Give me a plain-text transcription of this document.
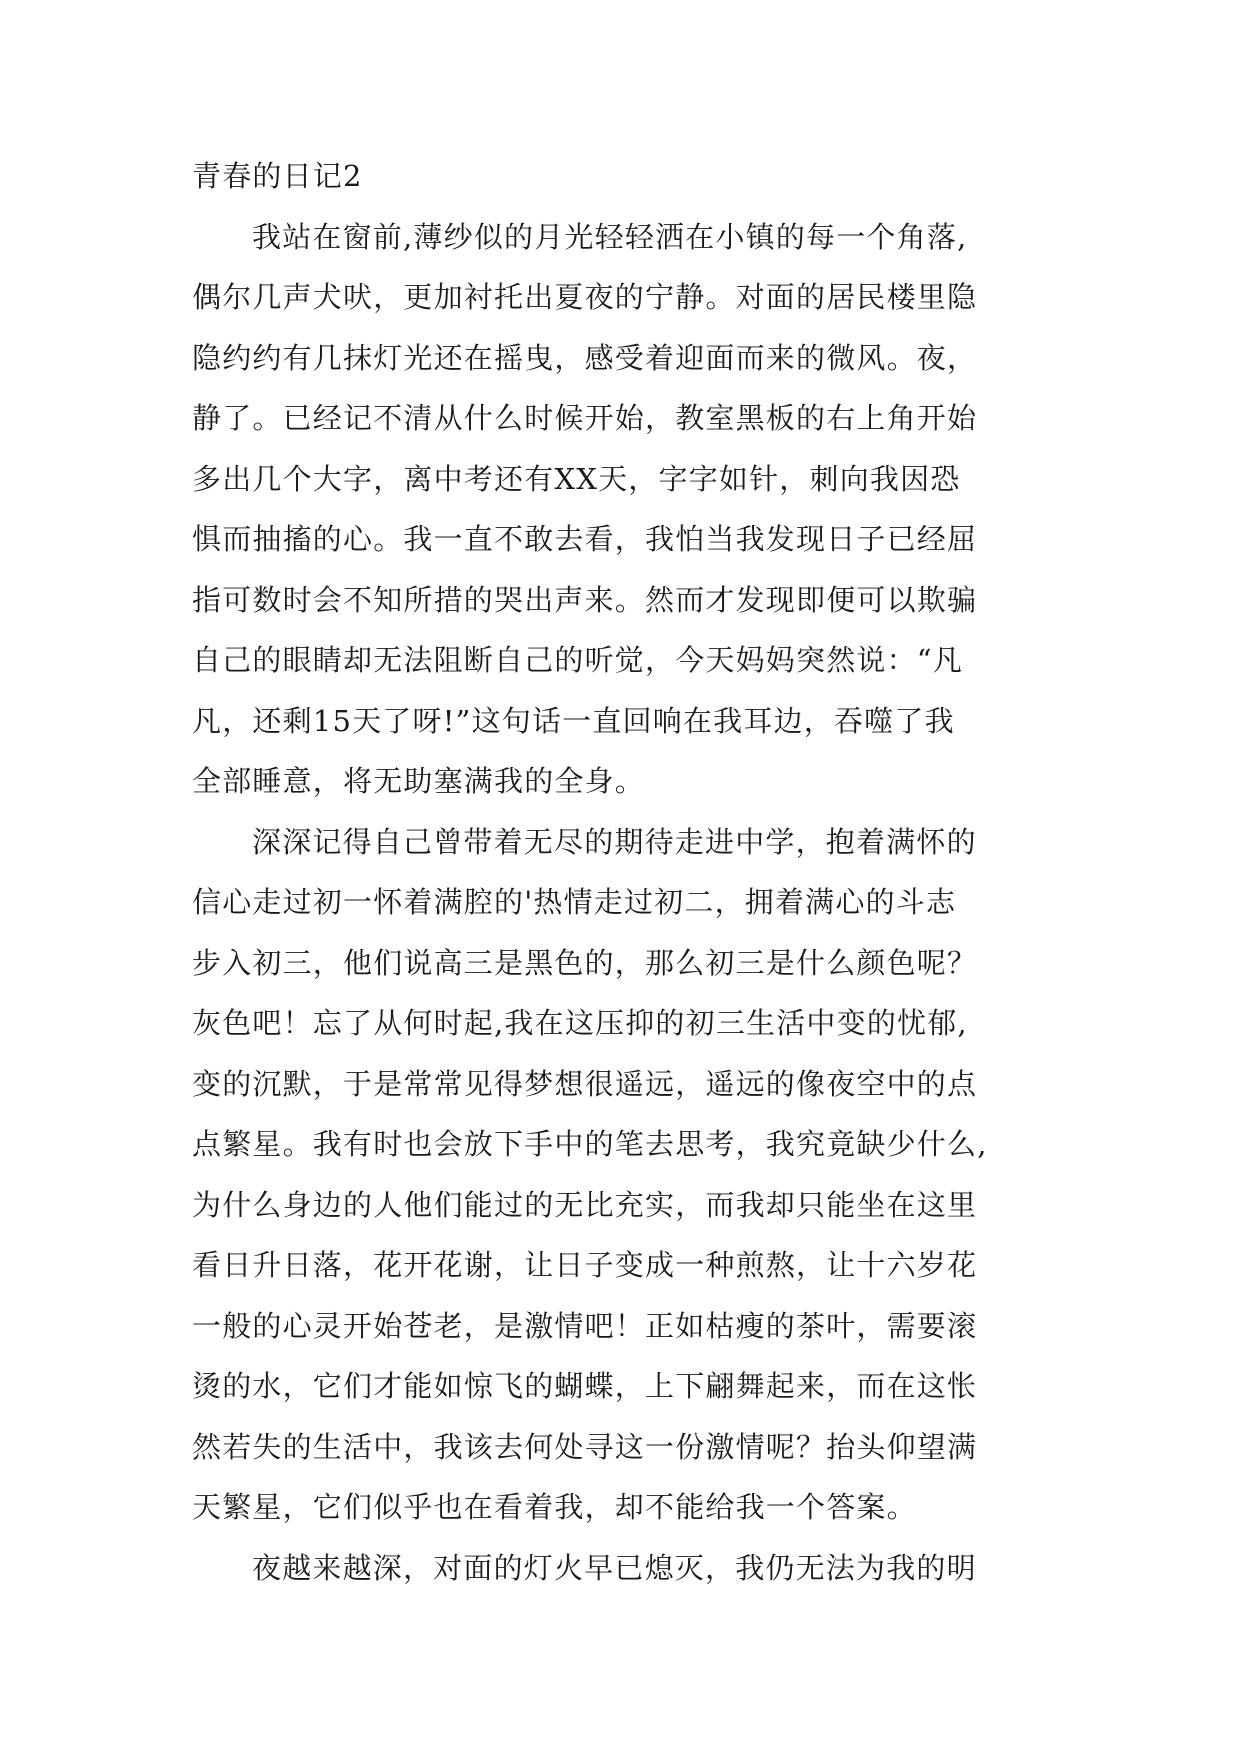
青春的日记2
我站在窗前,薄纱似的月光轻轻洒在小镇的每一个角落,
偶尔几声犬吠，更加衬托出夏夜的宁静。对面的居民楼里隐
隐约约有几抹灯光还在摇曳，感受着迎面而来的微风。夜，
静了。已经记不清从什么时候开始，教室黑板的右上角开始
多出几个大字，离中考还有XX天，字字如针，刺向我因恐
惧而抽搐的心。我一直不敢去看，我怕当我发现日子已经屈
指可数时会不知所措的哭出声来。然而才发现即便可以欺骗
自己的眼睛却无法阻断自己的听觉，今天妈妈突然说：“凡
凡，还剩15天了呀!”这句话一直回响在我耳边，吞噬了我
全部睡意，将无助塞满我的全身。
深深记得自己曾带着无尽的期待走进中学，抱着满怀的
信心走过初一怀着满腔的'热情走过初二，拥着满心的斗志
步入初三，他们说高三是黑色的，那么初三是什么颜色呢？
灰色吧！忘了从何时起,我在这压抑的初三生活中变的忧郁,
变的沉默，于是常常见得梦想很遥远，遥远的像夜空中的点
点繁星。我有时也会放下手中的笔去思考，我究竟缺少什么,
为什么身边的人他们能过的无比充实，而我却只能坐在这里
看日升日落，花开花谢，让日子变成一种煎熬，让十六岁花
一般的心灵开始苍老，是激情吧！正如枯瘦的茶叶，需要滚
烫的水，它们才能如惊飞的蝴蝶，上下翩舞起来，而在这怅
然若失的生活中，我该去何处寻这一份激情呢？抬头仰望满
天繁星，它们似乎也在看着我，却不能给我一个答案。
夜越来越深，对面的灯火早已熄灭，我仍无法为我的明
